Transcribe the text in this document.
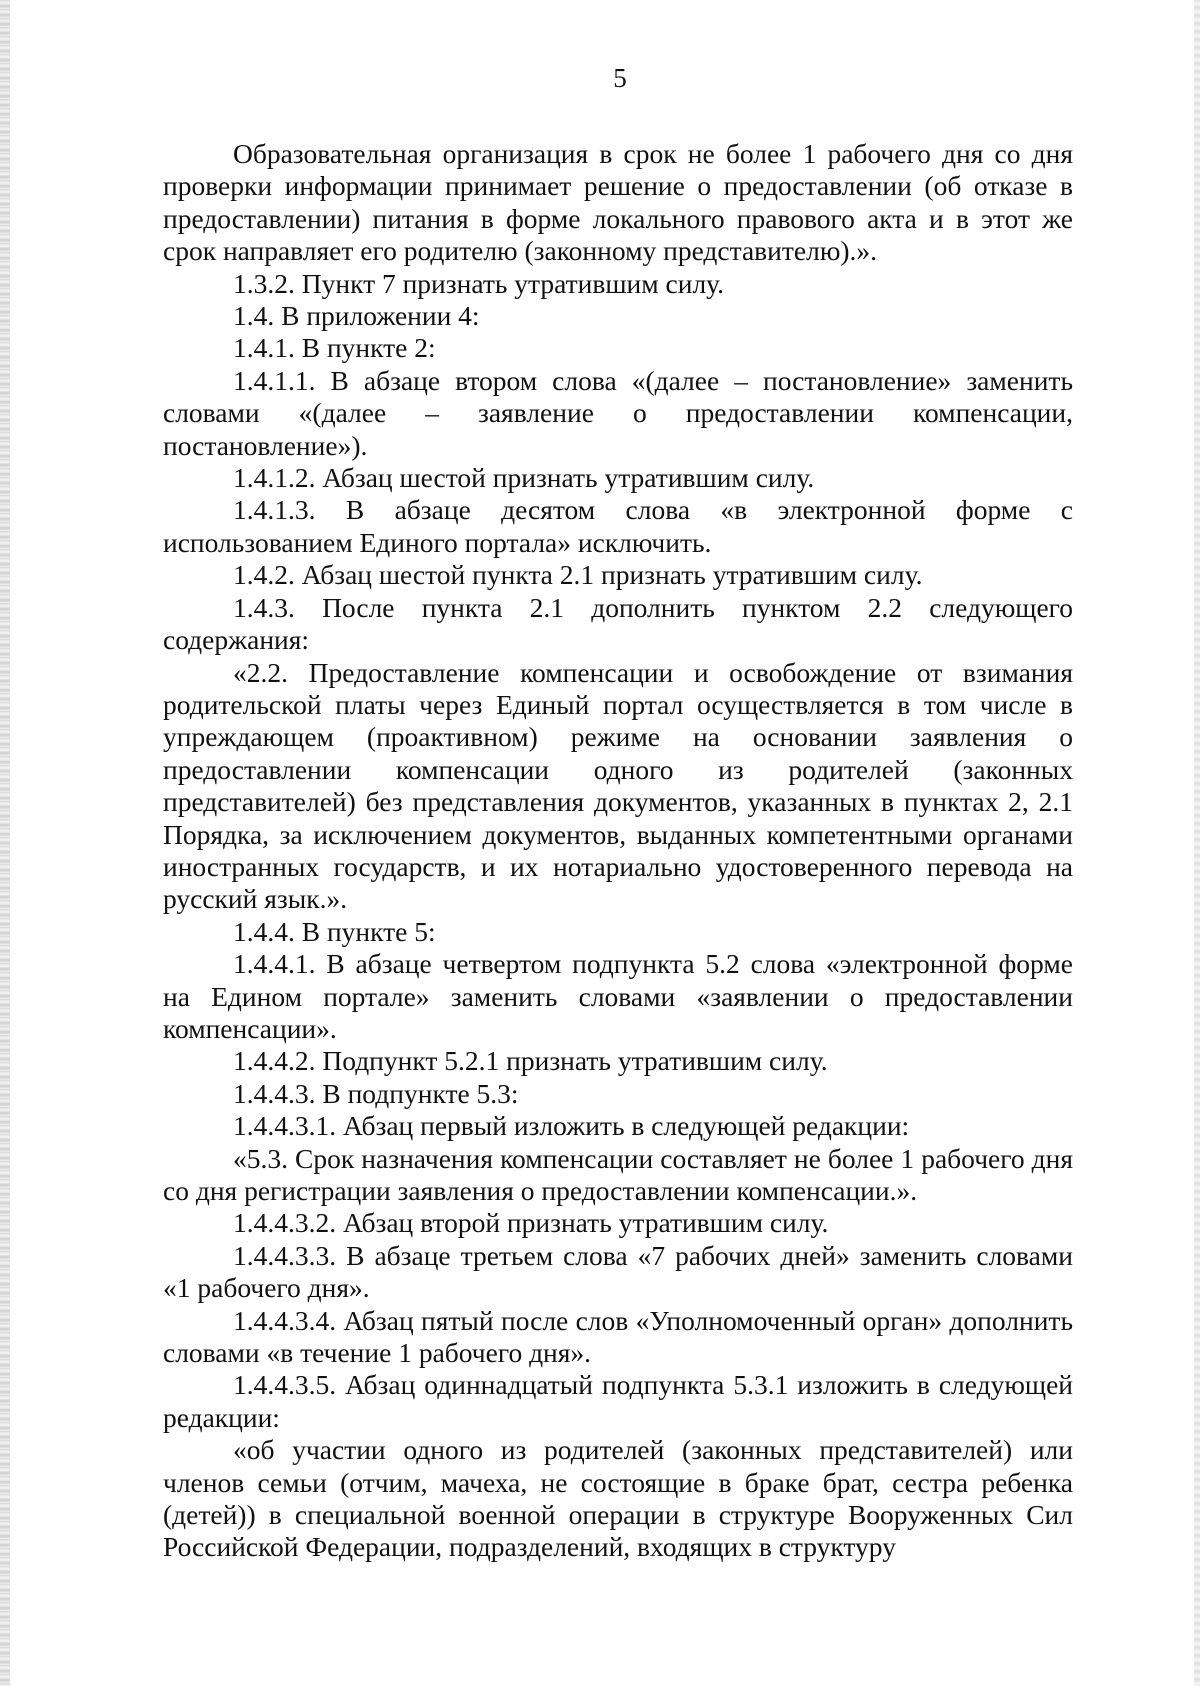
5

Образовательная организация в срок не более 1 рабочего дня со дня проверки информации принимает решение о предоставлении (об отказе в предоставлении) питания в форме локального правового акта и в этот же срок направляет его родителю (законному представителю).».

1.3.2. Пункт 7 признать утратившим силу.

1.4. В приложении 4:

1.4.1. В пункте 2:

1.4.1.1. В абзаце втором слова «(далее – постановление» заменить словами «(далее – заявление о предоставлении компенсации, постановление»).

1.4.1.2. Абзац шестой признать утратившим силу.

1.4.1.3. В абзаце десятом слова «в электронной форме с использованием Единого портала» исключить.

1.4.2. Абзац шестой пункта 2.1 признать утратившим силу.

1.4.3. После пункта 2.1 дополнить пунктом 2.2 следующего содержания:

«2.2. Предоставление компенсации и освобождение от взимания родительской платы через Единый портал осуществляется в том числе в упреждающем (проактивном) режиме на основании заявления о предоставлении компенсации одного из родителей (законных представителей) без представления документов, указанных в пунктах 2, 2.1 Порядка, за исключением документов, выданных компетентными органами иностранных государств, и их нотариально удостоверенного перевода на русский язык.».

1.4.4. В пункте 5:

1.4.4.1. В абзаце четвертом подпункта 5.2 слова «электронной форме на Едином портале» заменить словами «заявлении о предоставлении компенсации».

1.4.4.2. Подпункт 5.2.1 признать утратившим силу.

1.4.4.3. В подпункте 5.3:

1.4.4.3.1. Абзац первый изложить в следующей редакции:

«5.3. Срок назначения компенсации составляет не более 1 рабочего дня со дня регистрации заявления о предоставлении компенсации.».

1.4.4.3.2. Абзац второй признать утратившим силу.

1.4.4.3.3. В абзаце третьем слова «7 рабочих дней» заменить словами «1 рабочего дня».

1.4.4.3.4. Абзац пятый после слов «Уполномоченный орган» дополнить словами «в течение 1 рабочего дня».

1.4.4.3.5. Абзац одиннадцатый подпункта 5.3.1 изложить в следующей редакции:

«об участии одного из родителей (законных представителей) или членов семьи (отчим, мачеха, не состоящие в браке брат, сестра ребенка (детей)) в специальной военной операции в структуре Вооруженных Сил Российской Федерации, подразделений, входящих в структуру
